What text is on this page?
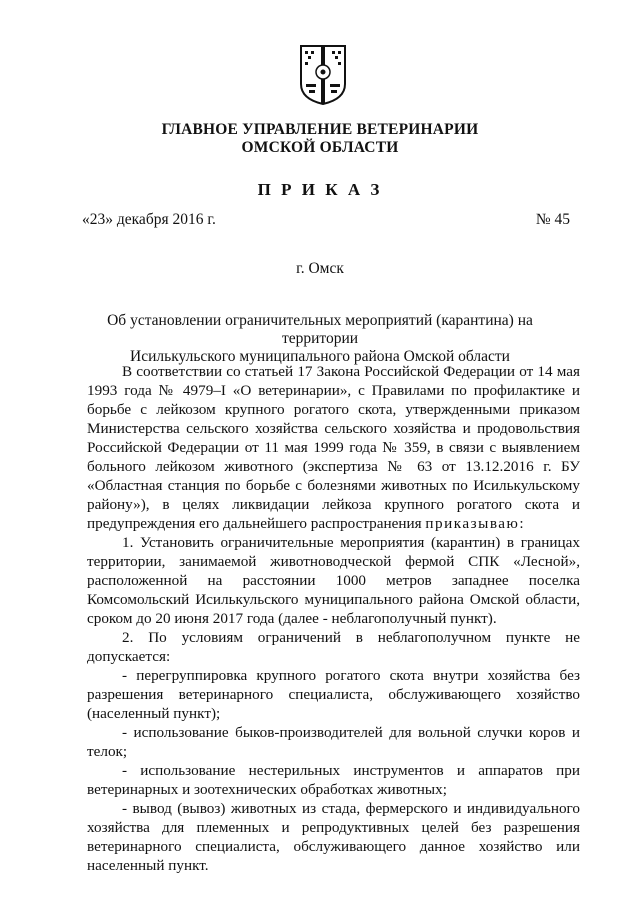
ГЛАВНОЕ УПРАВЛЕНИЕ ВЕТЕРИНАРИИ
ОМСКОЙ ОБЛАСТИ
П Р И К А З
«23» декабря 2016 г.	№ 45
г. Омск
Об установлении ограничительных мероприятий (карантина) на территории
Исилькульского муниципального района Омской области

В соответствии со статьей 17 Закона Российской Федерации от 14 мая 1993 года № 4979–I «О ветеринарии», с Правилами по профилактике и борьбе с лейкозом крупного рогатого скота, утвержденными приказом Министерства сельского хозяйства сельского хозяйства и продовольствия Российской Федерации от 11 мая 1999 года № 359, в связи с выявлением больного лейкозом животного (экспертиза № 63 от 13.12.2016 г. БУ «Областная станция по борьбе с болезнями животных по Исилькульскому району»), в целях ликвидации лейкоза крупного рогатого скота и предупреждения его дальнейшего распространения приказываю:

1. Установить ограничительные мероприятия (карантин) в границах территории, занимаемой животноводческой фермой СПК «Лесной», расположенной на расстоянии 1000 метров западнее поселка Комсомольский Исилькульского муниципального района Омской области, сроком до 20 июня 2017 года (далее - неблагополучный пункт).

2. По условиям ограничений в неблагополучном пункте не допускается:

- перегруппировка крупного рогатого скота внутри хозяйства без разрешения ветеринарного специалиста, обслуживающего хозяйство (населенный пункт);

- использование быков-производителей для вольной случки коров и телок;

- использование нестерильных инструментов и аппаратов при ветеринарных и зоотехнических обработках животных;

- вывод (вывоз) животных из стада, фермерского и индивидуального хозяйства для племенных и репродуктивных целей без разрешения ветеринарного специалиста, обслуживающего данное хозяйство или населенный пункт.
